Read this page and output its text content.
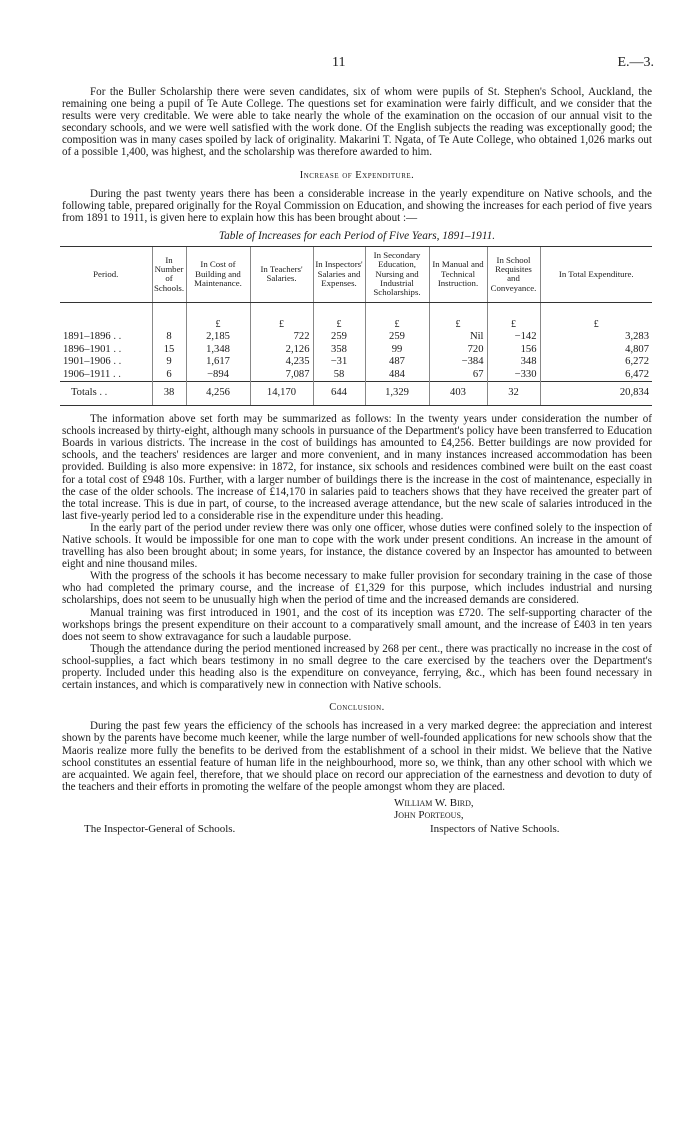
11	E.—3.

For the Buller Scholarship there were seven candidates, six of whom were pupils of St. Stephen's School, Auckland, the remaining one being a pupil of Te Aute College. The questions set for examination were fairly difficult, and we consider that the results were very creditable. We were able to take nearly the whole of the examination on the occasion of our annual visit to the secondary schools, and we were well satisfied with the work done. Of the English subjects the reading was exceptionally good; the composition was in many cases spoiled by lack of originality. Makarini T. Ngata, of Te Aute College, who obtained 1,026 marks out of a possible 1,400, was highest, and the scholarship was therefore awarded to him.

Increase of Expenditure.

During the past twenty years there has been a considerable increase in the yearly expenditure on Native schools, and the following table, prepared originally for the Royal Commission on Education, and showing the increases for each period of five years from 1891 to 1911, is given here to explain how this has been brought about :—

Table of Increases for each Period of Five Years, 1891–1911.

Period.	In Number of Schools.	In Cost of Building and Maintenance.	In Teachers' Salaries.	In Inspectors' Salaries and Expenses.	In Secondary Education, Nursing and Industrial Scholarships.	In Manual and Technical Instruction.	In School Requisites and Conveyance.	In Total Expenditure.
		£	£	£	£	£	£	£
1891–1896 . .	8	2,185	722	259	259	Nil	−142	3,283
1896–1901 . .	15	1,348	2,126	358	99	720	156	4,807
1901–1906 . .	9	1,617	4,235	−31	487	−384	348	6,272
1906–1911 . .	6	−894	7,087	58	484	67	−330	6,472
Totals . .	38	4,256	14,170	644	1,329	403	32	20,834

The information above set forth may be summarized as follows: In the twenty years under consideration the number of schools increased by thirty-eight, although many schools in pursuance of the Department's policy have been transferred to Education Boards in various districts. The increase in the cost of buildings has amounted to £4,256. Better buildings are now provided for schools, and the teachers' residences are larger and more convenient, and in many instances increased accommodation has been provided. Building is also more expensive: in 1872, for instance, six schools and residences combined were built on the east coast for a total cost of £948 10s. Further, with a larger number of buildings there is the increase in the cost of maintenance, especially in the case of the older schools. The increase of £14,170 in salaries paid to teachers shows that they have received the greater part of the total increase. This is due in part, of course, to the increased average attendance, but the new scale of salaries introduced in the last five-yearly period led to a considerable rise in the expenditure under this heading.

In the early part of the period under review there was only one officer, whose duties were confined solely to the inspection of Native schools. It would be impossible for one man to cope with the work under present conditions. An increase in the amount of travelling has also been brought about; in some years, for instance, the distance covered by an Inspector has amounted to between eight and nine thousand miles.

With the progress of the schools it has become necessary to make fuller provision for secondary training in the case of those who had completed the primary course, and the increase of £1,329 for this purpose, which includes industrial and nursing scholarships, does not seem to be unusually high when the period of time and the increased demands are considered.

Manual training was first introduced in 1901, and the cost of its inception was £720. The self-supporting character of the workshops brings the present expenditure on their account to a comparatively small amount, and the increase of £403 in ten years does not seem to show extravagance for such a laudable purpose.

Though the attendance during the period mentioned increased by 268 per cent., there was practically no increase in the cost of school-supplies, a fact which bears testimony in no small degree to the care exercised by the teachers over the Department's property. Included under this heading also is the expenditure on conveyance, ferrying, &c., which has been found necessary in certain instances, and which is comparatively new in connection with Native schools.

Conclusion.

During the past few years the efficiency of the schools has increased in a very marked degree: the appreciation and interest shown by the parents have become much keener, while the large number of well-founded applications for new schools show that the Maoris realize more fully the benefits to be derived from the establishment of a school in their midst. We believe that the Native school constitutes an essential feature of human life in the neighbourhood, more so, we think, than any other school with which we are acquainted. We again feel, therefore, that we should place on record our appreciation of the earnestness and devotion to duty of the teachers and their efforts in promoting the welfare of the people amongst whom they are placed.

William W. Bird,
John Porteous,
The Inspector-General of Schools.	Inspectors of Native Schools.
